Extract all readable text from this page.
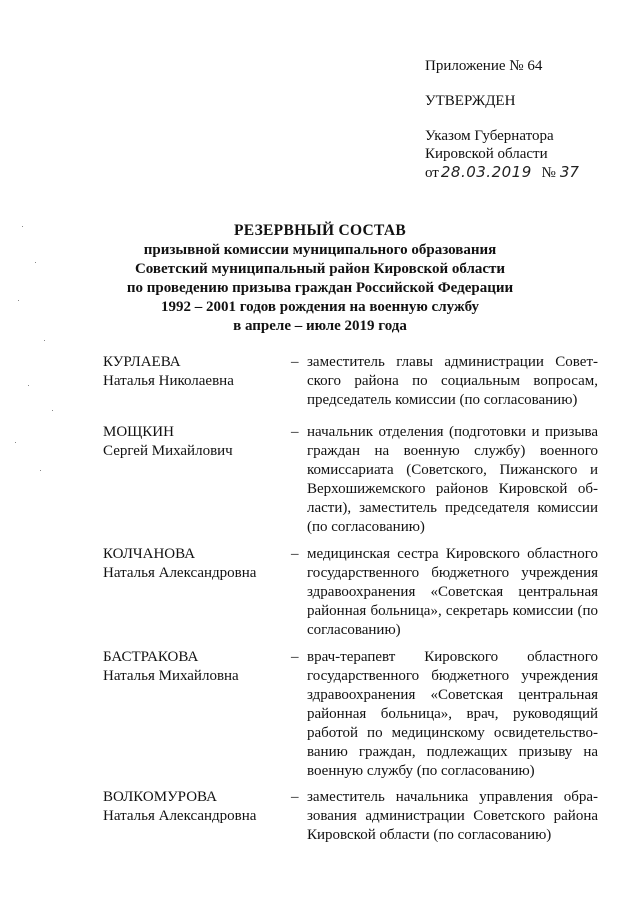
Приложение № 64
УТВЕРЖДЕН
Указом Губернатора
Кировской области
от 28.03.2019 № 37
РЕЗЕРВНЫЙ СОСТАВ
призывной комиссии муниципального образования
Советский муниципальный район Кировской области
по проведению призыва граждан Российской Федерации
1992 – 2001 годов рождения на военную службу
в апреле – июле 2019 года
КУРЛАЕВА
Наталья Николаевна
– заместитель главы администрации Советского района по социальным вопросам, председатель комиссии (по согласованию)
МОЩКИН
Сергей Михайлович
– начальник отделения (подготовки и призыва граждан на военную службу) военного комиссариата (Советского, Пижанского и Верхошижемского районов Кировской области), заместитель председателя комиссии (по согласованию)
КОЛЧАНОВА
Наталья Александровна
– медицинская сестра Кировского областного государственного бюджетного учреждения здравоохранения «Советская центральная районная больница», секретарь комиссии (по согласованию)
БАСТРАКОВА
Наталья Михайловна
– врач-терапевт Кировского областного государственного бюджетного учреждения здравоохранения «Советская центральная районная больница», врач, руководящий работой по медицинскому освидетельствованию граждан, подлежащих призыву на военную службу (по согласованию)
ВОЛКОМУРОВА
Наталья Александровна
– заместитель начальника управления образования администрации Советского района Кировской области (по согласованию)
